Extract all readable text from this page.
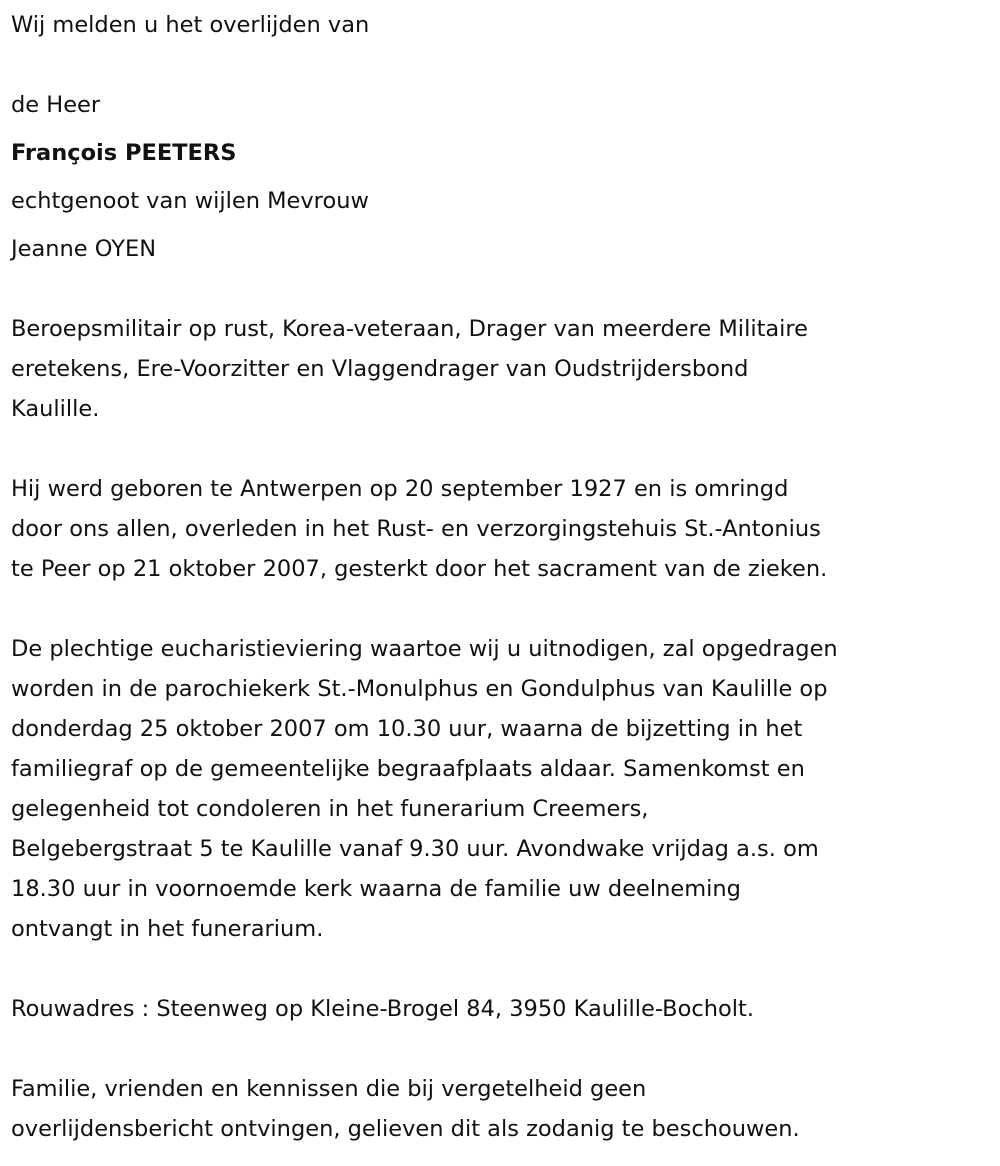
Wij melden u het overlijden van
de Heer
François PEETERS
echtgenoot van wijlen Mevrouw
Jeanne OYEN
Beroepsmilitair op rust, Korea-veteraan, Drager van meerdere Militaire
eretekens, Ere-Voorzitter en Vlaggendrager van Oudstrijdersbond
Kaulille.
Hij werd geboren te Antwerpen op 20 september 1927 en is omringd
door ons allen, overleden in het Rust- en verzorgingstehuis St.-Antonius
te Peer op 21 oktober 2007, gesterkt door het sacrament van de zieken.
De plechtige eucharistieviering waartoe wij u uitnodigen, zal opgedragen
worden in de parochiekerk St.-Monulphus en Gondulphus van Kaulille op
donderdag 25 oktober 2007 om 10.30 uur, waarna de bijzetting in het
familiegraf op de gemeentelijke begraafplaats aldaar. Samenkomst en
gelegenheid tot condoleren in het funerarium Creemers,
Belgebergstraat 5 te Kaulille vanaf 9.30 uur. Avondwake vrijdag a.s. om
18.30 uur in voornoemde kerk waarna de familie uw deelneming
ontvangt in het funerarium.
Rouwadres : Steenweg op Kleine-Brogel 84, 3950 Kaulille-Bocholt.
Familie, vrienden en kennissen die bij vergetelheid geen
overlijdensbericht ontvingen, gelieven dit als zodanig te beschouwen.
